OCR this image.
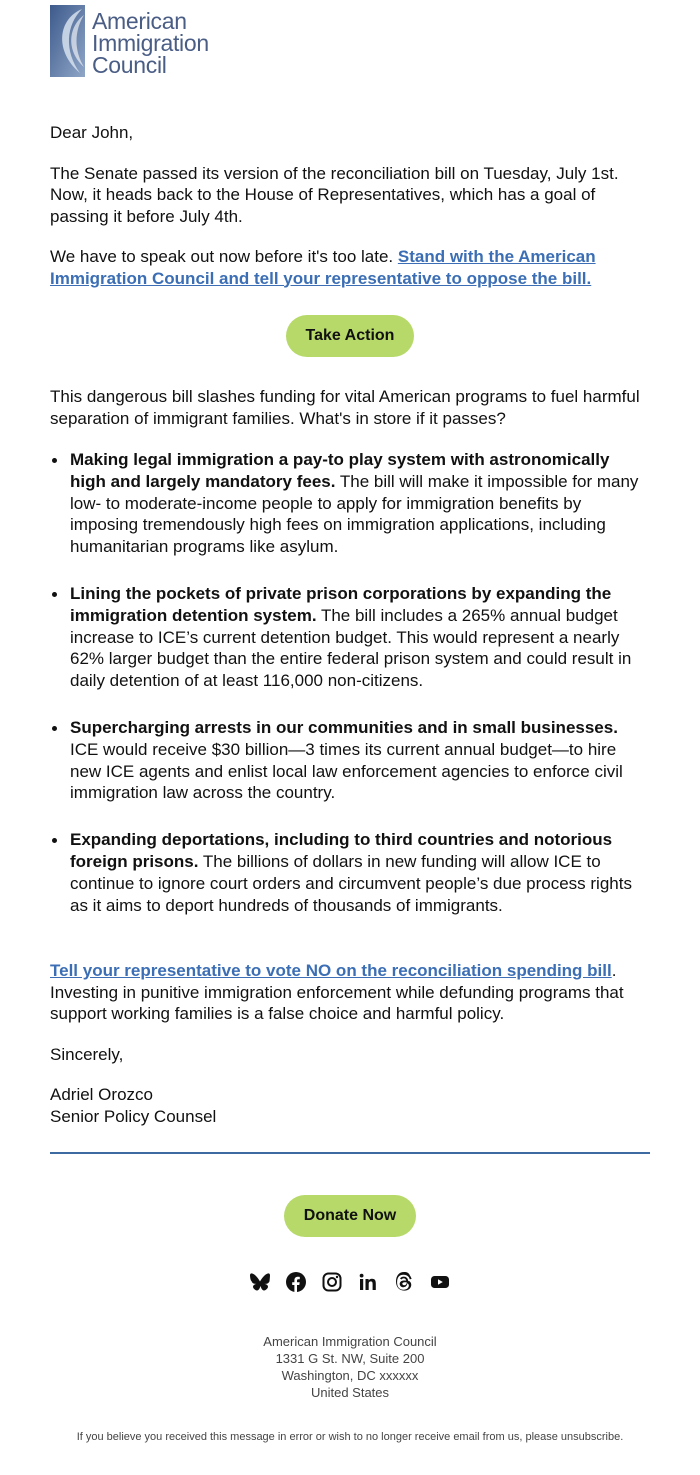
American
Immigration
Council

Dear John,

The Senate passed its version of the reconciliation bill on Tuesday, July 1st. Now, it heads back to the House of Representatives, which has a goal of passing it before July 4th.

We have to speak out now before it's too late. Stand with the American Immigration Council and tell your representative to oppose the bill.

Take Action

This dangerous bill slashes funding for vital American programs to fuel harmful separation of immigrant families. What's in store if it passes?

Making legal immigration a pay-to play system with astronomically high and largely mandatory fees. The bill will make it impossible for many low- to moderate-income people to apply for immigration benefits by imposing tremendously high fees on immigration applications, including humanitarian programs like asylum.
Lining the pockets of private prison corporations by expanding the immigration detention system. The bill includes a 265% annual budget increase to ICE’s current detention budget. This would represent a nearly 62% larger budget than the entire federal prison system and could result in daily detention of at least 116,000 non-citizens.
Supercharging arrests in our communities and in small businesses. ICE would receive $30 billion—3 times its current annual budget—to hire new ICE agents and enlist local law enforcement agencies to enforce civil immigration law across the country.
Expanding deportations, including to third countries and notorious foreign prisons. The billions of dollars in new funding will allow ICE to continue to ignore court orders and circumvent people’s due process rights as it aims to deport hundreds of thousands of immigrants.

Tell your representative to vote NO on the reconciliation spending bill. Investing in punitive immigration enforcement while defunding programs that support working families is a false choice and harmful policy.

Sincerely,

Adriel Orozco

Senior Policy Counsel

Donate Now
American Immigration Council
1331 G St. NW, Suite 200
Washington, DC xxxxxx
United States
If you believe you received this message in error or wish to no longer receive email from us, please unsubscribe.
